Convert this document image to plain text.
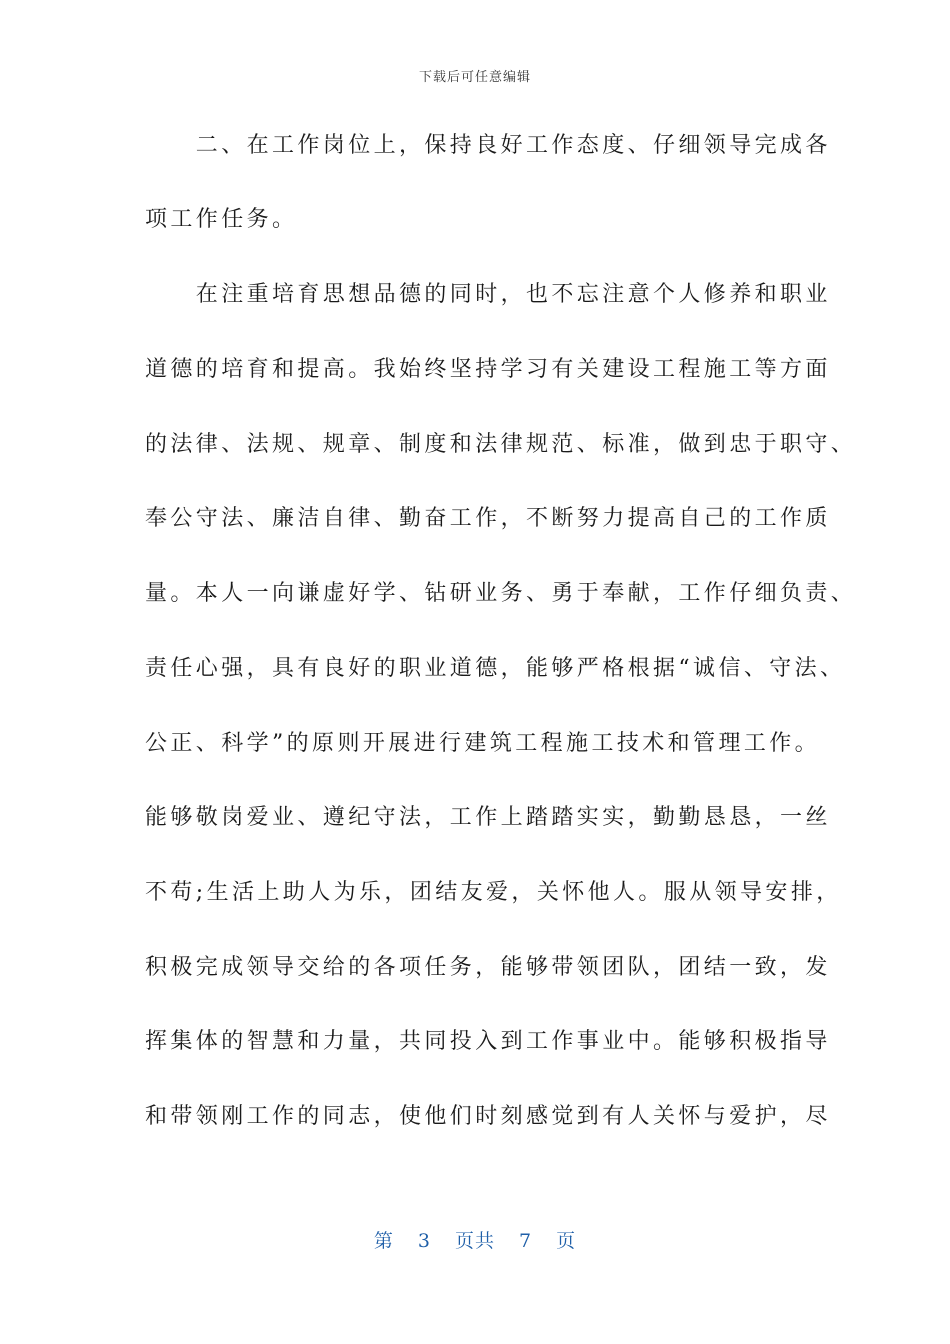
下载后可任意编辑
　　二、在工作岗位上，保持良好工作态度、仔细领导完成各
项工作任务。
　　在注重培育思想品德的同时，也不忘注意个人修养和职业
道德的培育和提高。我始终坚持学习有关建设工程施工等方面
的法律、法规、规章、制度和法律规范、标准，做到忠于职守、
奉公守法、廉洁自律、勤奋工作，不断努力提高自己的工作质
量。本人一向谦虚好学、钻研业务、勇于奉献，工作仔细负责、
责任心强，具有良好的职业道德，能够严格根据“诚信、守法、
公正、科学”的原则开展进行建筑工程施工技术和管理工作。
能够敬岗爱业、遵纪守法，工作上踏踏实实，勤勤恳恳，一丝
不苟;生活上助人为乐，团结友爱，关怀他人。服从领导安排，
积极完成领导交给的各项任务，能够带领团队，团结一致，发
挥集体的智慧和力量，共同投入到工作事业中。能够积极指导
和带领刚工作的同志，使他们时刻感觉到有人关怀与爱护，尽
第 3 页共 7 页
